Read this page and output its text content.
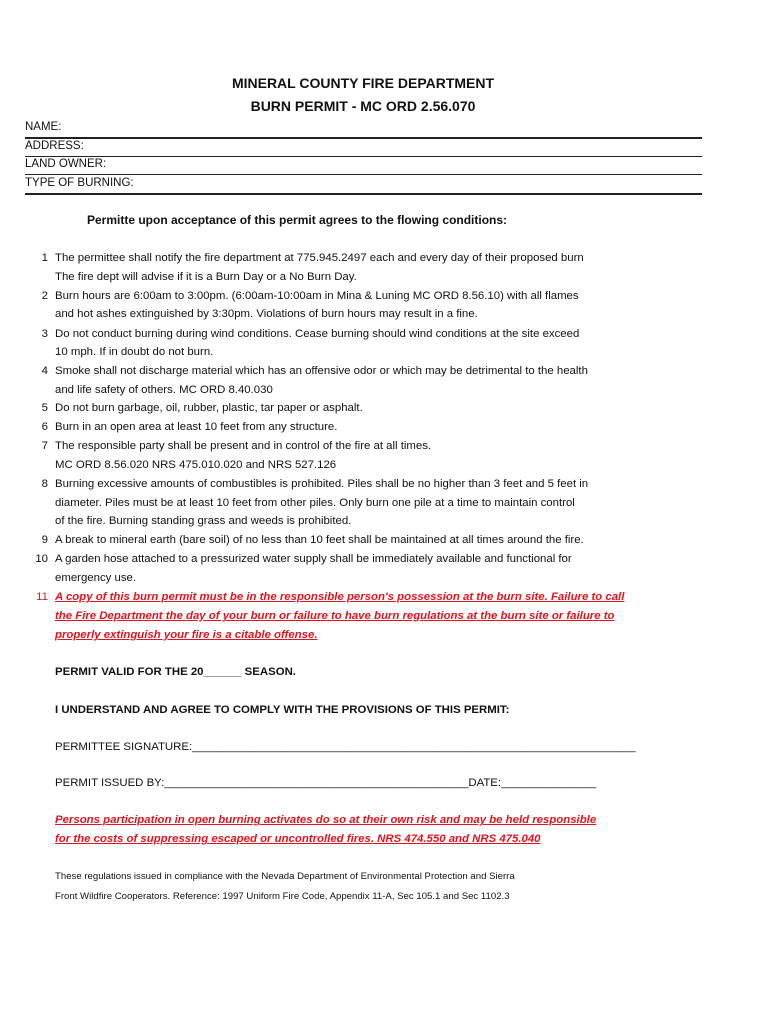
MINERAL COUNTY FIRE DEPARTMENT
BURN PERMIT - MC ORD 2.56.070
NAME:
ADDRESS:
LAND OWNER:
TYPE OF BURNING:
Permitte upon acceptance of this permit agrees to the flowing conditions:
1 The permittee shall notify the fire department at 775.945.2497 each and every day of their proposed burn
The fire dept will advise if it is a Burn Day or a No Burn Day.
2 Burn hours are 6:00am to 3:00pm. (6:00am-10:00am in Mina & Luning MC ORD 8.56.10) with all flames
and hot ashes extinguished by 3:30pm. Violations of burn hours may result in a fine.
3 Do not conduct burning during wind conditions. Cease burning should wind conditions at the site exceed
10 mph. If in doubt do not burn.
4 Smoke shall not discharge material which has an offensive odor or which may be detrimental to the health
and life safety of others. MC ORD 8.40.030
5 Do not burn garbage, oil, rubber, plastic, tar paper or asphalt.
6 Burn in an open area at least 10 feet from any structure.
7 The responsible party shall be present and in control of the fire at all times.
MC ORD 8.56.020 NRS 475.010.020 and NRS 527.126
8 Burning excessive amounts of combustibles is prohibited. Piles shall be no higher than 3 feet and 5 feet in
diameter. Piles must be at least 10 feet from other piles. Only burn one pile at a time to maintain control
of the fire. Burning standing grass and weeds is prohibited.
9 A break to mineral earth (bare soil) of no less than 10 feet shall be maintained at all times around the fire.
10 A garden hose attached to a pressurized water supply shall be immediately available and functional for
emergency use.
11 A copy of this burn permit must be in the responsible person's possession at the burn site. Failure to call
the Fire Department the day of your burn or failure to have burn regulations at the burn site or failure to
properly extinguish your fire is a citable offense.
PERMIT VALID FOR THE 20______ SEASON.
I UNDERSTAND AND AGREE TO COMPLY WITH THE PROVISIONS OF THIS PERMIT:
PERMITTEE SIGNATURE:______________________________________________________________________
PERMIT ISSUED BY:________________________________________________DATE:_______________
Persons participation in open burning activates do so at their own risk and may be held responsible
for the costs of suppressing escaped or uncontrolled fires. NRS 474.550 and NRS 475.040
These regulations issued in compliance with the Nevada Department of Environmental Protection and Sierra
Front Wildfire Cooperators. Reference: 1997 Uniform Fire Code, Appendix 11-A, Sec 105.1 and Sec 1102.3
